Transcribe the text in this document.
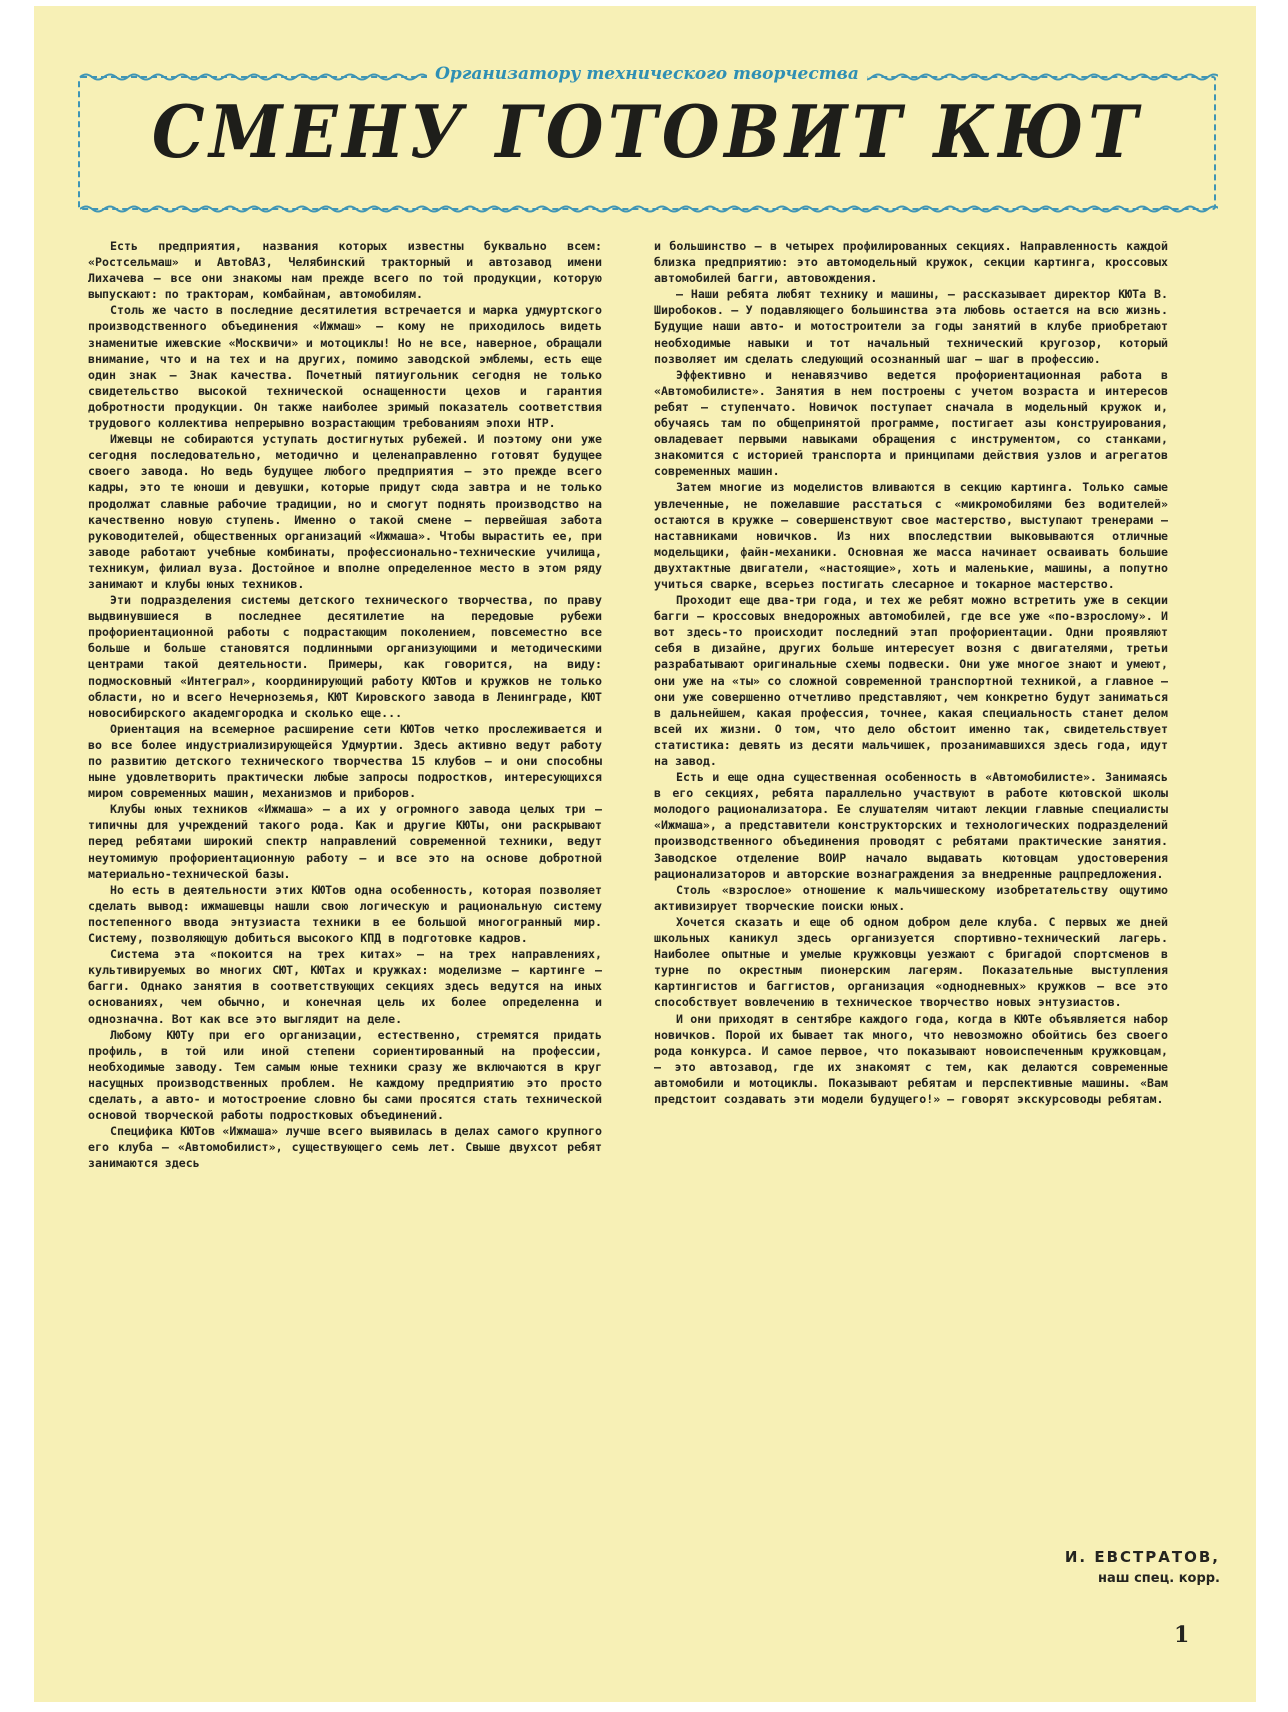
Организатору технического творчества
СМЕНУ ГОТОВИТ КЮТ

Есть предприятия, названия которых известны буквально всем: «Ростсельмаш» и АвтоВАЗ, Челябинский тракторный и автозавод имени Лихачева — все они знакомы нам прежде всего по той продукции, которую выпускают: по тракторам, комбайнам, автомобилям.

Столь же часто в последние десятилетия встречается и марка удмуртского производственного объединения «Ижмаш» — кому не приходилось видеть знаменитые ижевские «Москвичи» и мотоциклы! Но не все, наверное, обращали внимание, что и на тех и на других, помимо заводской эмблемы, есть еще один знак — Знак качества. Почетный пятиугольник сегодня не только свидетельство высокой технической оснащенности цехов и гарантия добротности продукции. Он также наиболее зримый показатель соответствия трудового коллектива непрерывно возрастающим требованиям эпохи НТР.

Ижевцы не собираются уступать достигнутых рубежей. И поэтому они уже сегодня последовательно, методично и целенаправленно готовят будущее своего завода. Но ведь будущее любого предприятия — это прежде всего кадры, это те юноши и девушки, которые придут сюда завтра и не только продолжат славные рабочие традиции, но и смогут поднять производство на качественно новую ступень. Именно о такой смене — первейшая забота руководителей, общественных организаций «Ижмаша». Чтобы вырастить ее, при заводе работают учебные комбинаты, профессионально-технические училища, техникум, филиал вуза. Достойное и вполне определенное место в этом ряду занимают и клубы юных техников.

Эти подразделения системы детского технического творчества, по праву выдвинувшиеся в последнее десятилетие на передовые рубежи профориентационной работы с подрастающим поколением, повсеместно все больше и больше становятся подлинными организующими и методическими центрами такой деятельности. Примеры, как говорится, на виду: подмосковный «Интеграл», координирующий работу КЮТов и кружков не только области, но и всего Нечерноземья, КЮТ Кировского завода в Ленинграде, КЮТ новосибирского академгородка и сколько еще...

Ориентация на всемерное расширение сети КЮТов четко прослеживается и во все более индустриализирующейся Удмуртии. Здесь активно ведут работу по развитию детского технического творчества 15 клубов — и они способны ныне удовлетворить практически любые запросы подростков, интересующихся миром современных машин, механизмов и приборов.

Клубы юных техников «Ижмаша» — а их у огромного завода целых три — типичны для учреждений такого рода. Как и другие КЮТы, они раскрывают перед ребятами широкий спектр направлений современной техники, ведут неутомимую профориентационную работу — и все это на основе добротной материально-технической базы.

Но есть в деятельности этих КЮТов одна особенность, которая позволяет сделать вывод: ижмашевцы нашли свою логическую и рациональную систему постепенного ввода энтузиаста техники в ее большой многогранный мир. Систему, позволяющую добиться высокого КПД в подготовке кадров.

Система эта «покоится на трех китах» — на трех направлениях, культивируемых во многих СЮТ, КЮТах и кружках: моделизме — картинге — багги. Однако занятия в соответствующих секциях здесь ведутся на иных основаниях, чем обычно, и конечная цель их более определенна и однозначна. Вот как все это выглядит на деле.

Любому КЮТу при его организации, естественно, стремятся придать профиль, в той или иной степени сориентированный на профессии, необходимые заводу. Тем самым юные техники сразу же включаются в круг насущных производственных проблем. Не каждому предприятию это просто сделать, а авто- и мотостроение словно бы сами просятся стать технической основой творческой работы подростковых объединений.

Специфика КЮТов «Ижмаша» лучше всего выявилась в делах самого крупного его клуба — «Автомобилист», существующего семь лет. Свыше двухсот ребят занимаются здесь

и большинство — в четырех профилированных секциях. Направленность каждой близка предприятию: это автомодельный кружок, секции картинга, кроссовых автомобилей багги, автовождения.

— Наши ребята любят технику и машины, — рассказывает директор КЮТа В. Широбоков. — У подавляющего большинства эта любовь остается на всю жизнь. Будущие наши авто- и мотостроители за годы занятий в клубе приобретают необходимые навыки и тот начальный технический кругозор, который позволяет им сделать следующий осознанный шаг — шаг в профессию.

Эффективно и ненавязчиво ведется профориентационная работа в «Автомобилисте». Занятия в нем построены с учетом возраста и интересов ребят — ступенчато. Новичок поступает сначала в модельный кружок и, обучаясь там по общепринятой программе, постигает азы конструирования, овладевает первыми навыками обращения с инструментом, со станками, знакомится с историей транспорта и принципами действия узлов и агрегатов современных машин.

Затем многие из моделистов вливаются в секцию картинга. Только самые увлеченные, не пожелавшие расстаться с «микромобилями без водителей» остаются в кружке — совершенствуют свое мастерство, выступают тренерами — наставниками новичков. Из них впоследствии выковываются отличные модельщики, файн-механики. Основная же масса начинает осваивать большие двухтактные двигатели, «настоящие», хоть и маленькие, машины, а попутно учиться сварке, всерьез постигать слесарное и токарное мастерство.

Проходит еще два-три года, и тех же ребят можно встретить уже в секции багги — кроссовых внедорожных автомобилей, где все уже «по-взрослому». И вот здесь-то происходит последний этап профориентации. Одни проявляют себя в дизайне, других больше интересует возня с двигателями, третьи разрабатывают оригинальные схемы подвески. Они уже многое знают и умеют, они уже на «ты» со сложной современной транспортной техникой, а главное — они уже совершенно отчетливо представляют, чем конкретно будут заниматься в дальнейшем, какая профессия, точнее, какая специальность станет делом всей их жизни. О том, что дело обстоит именно так, свидетельствует статистика: девять из десяти мальчишек, прозанимавшихся здесь года, идут на завод.

Есть и еще одна существенная особенность в «Автомобилисте». Занимаясь в его секциях, ребята параллельно участвуют в работе кютовской школы молодого рационализатора. Ее слушателям читают лекции главные специалисты «Ижмаша», а представители конструкторских и технологических подразделений производственного объединения проводят с ребятами практические занятия. Заводское отделение ВОИР начало выдавать кютовцам удостоверения рационализаторов и авторские вознаграждения за внедренные рацпредложения.

Столь «взрослое» отношение к мальчишескому изобретательству ощутимо активизирует творческие поиски юных.

Хочется сказать и еще об одном добром деле клуба. С первых же дней школьных каникул здесь организуется спортивно-технический лагерь. Наиболее опытные и умелые кружковцы уезжают с бригадой спортсменов в турне по окрестным пионерским лагерям. Показательные выступления картингистов и баггистов, организация «однодневных» кружков — все это способствует вовлечению в техническое творчество новых энтузиастов.

И они приходят в сентябре каждого года, когда в КЮТе объявляется набор новичков. Порой их бывает так много, что невозможно обойтись без своего рода конкурса. И самое первое, что показывают новоиспеченным кружковцам, — это автозавод, где их знакомят с тем, как делаются современные автомобили и мотоциклы. Показывают ребятам и перспективные машины. «Вам предстоит создавать эти модели будущего!» — говорят экскурсоводы ребятам.

И. ЕВСТРАТОВ,
наш спец. корр.
1
